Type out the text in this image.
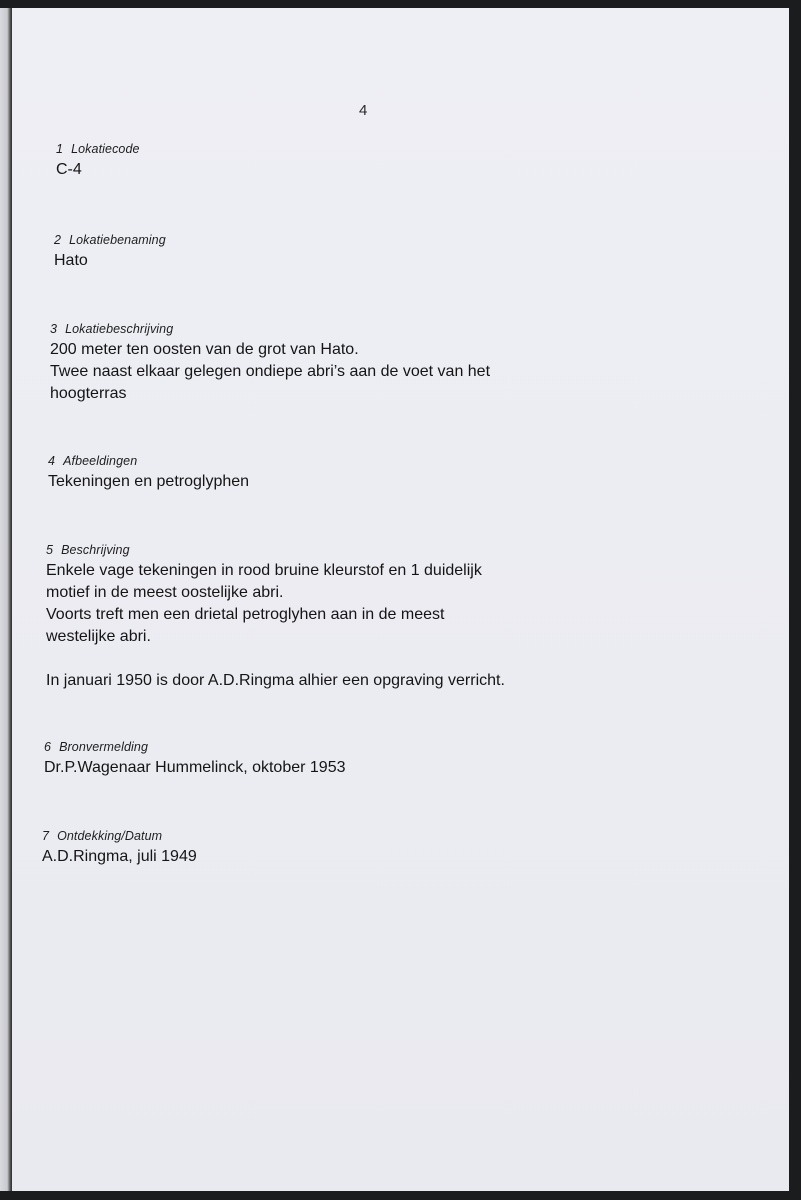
4
1 Lokatiecode
C-4
2 Lokatiebenaming
Hato
3 Lokatiebeschrijving
200 meter ten oosten van de grot van Hato.
Twee naast elkaar gelegen ondiepe abri’s aan de voet van het
hoogterras
4 Afbeeldingen
Tekeningen en petroglyphen
5 Beschrijving
Enkele vage tekeningen in rood bruine kleurstof en 1 duidelijk
motief in de meest oostelijke abri.
Voorts treft men een drietal petroglyhen aan in de meest
westelijke abri.
In januari 1950 is door A.D.Ringma alhier een opgraving verricht.
6 Bronvermelding
Dr.P.Wagenaar Hummelinck, oktober 1953
7 Ontdekking/Datum
A.D.Ringma, juli 1949
